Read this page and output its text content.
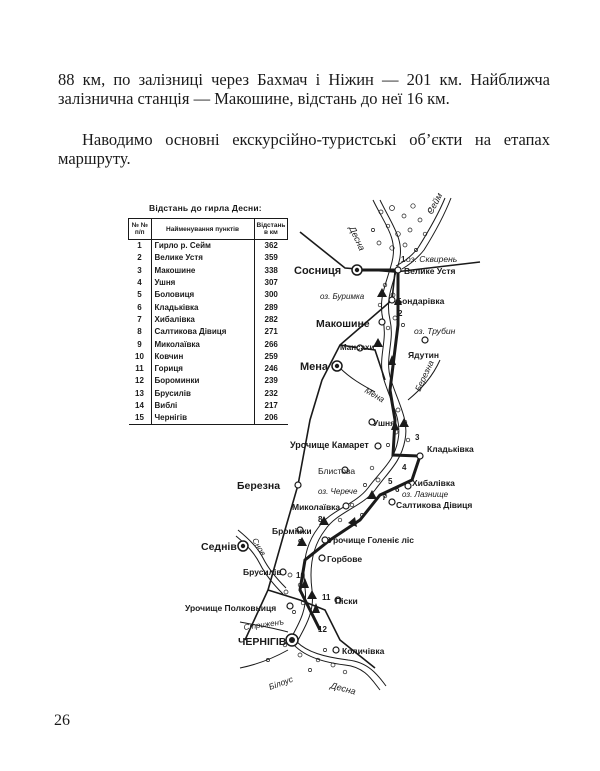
88 км, по залізниці через Бахмач і Ніжин — 201 км. Найближча залізнична станція — Макошине, відстань до неї 16 км.

Наводимо основні екскурсійно-туристські об’єкти на етапах маршруту.

Відстань до гирла Десни:
№ № п/п	Найменування пунктів	Відстань в км
1	Гирло р. Сейм	362
2	Велике Устя	359
3	Макошине	338
4	Ушня	307
5	Боловиця	300
6	Кладьківка	289
7	Хибалівка	282
8	Салтикова Дівиця	271
9	Миколаївка	266
10	Ковчин	259
11	Гориця	246
12	Бороминки	239
13	Брусилів	232
14	Виблі	217
15	Чернігів	206
1
2
3
4
5
6
7
8
9
10
11
12
Десна
Сейм
оз. Сквирень
Сосниця	Велике Устя
оз. Буримка	Бондарівка
Макошине
оз. Трубин
Мансахи
Ядутин
Мена	Березна
Мена
Ушня
Урочище Камарет	Кладьківка
Блистова
Березна	оз. Черечe
Хибалівка
оз. Лазнище
Салтикова Дівиця
Миколаївка
Бромінки
Урочище Голеніє ліс
Седнів Снов
Горбове
Брусилів
Урочище Полковниця
Піски
Стриженъ
ЧЕРНІГІВ
Количівка
Білоус	Десна
26
